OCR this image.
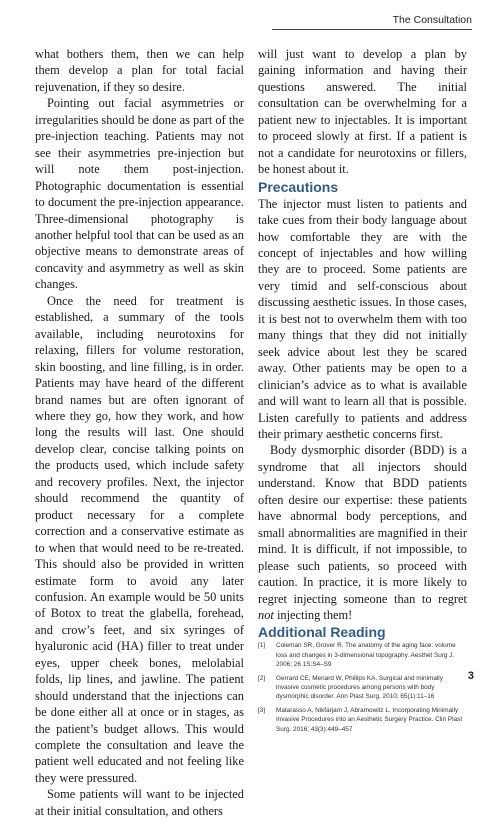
The Consultation

what bothers them, then we can help them develop a plan for total facial rejuvenation, if they so desire.

Pointing out facial asymmetries or irregularities should be done as part of the pre-injection teaching. Patients may not see their asymmetries pre-injection but will note them post-injection. Photographic documentation is essential to document the pre-injection appearance. Three-dimensional photography is another helpful tool that can be used as an objective means to demonstrate areas of concavity and asymmetry as well as skin changes.

Once the need for treatment is established, a summary of the tools available, including neurotoxins for relaxing, fillers for volume restoration, skin boosting, and line filling, is in order. Patients may have heard of the different brand names but are often ignorant of where they go, how they work, and how long the results will last. One should develop clear, concise talking points on the products used, which include safety and recovery profiles. Next, the injector should recommend the quantity of product necessary for a complete correction and a conservative estimate as to when that would need to be re-treated. This should also be provided in written estimate form to avoid any later confusion. An example would be 50 units of Botox to treat the glabella, forehead, and crow’s feet, and six syringes of hyaluronic acid (HA) filler to treat under eyes, upper cheek bones, melolabial folds, lip lines, and jawline. The patient should understand that the injections can be done either all at once or in stages, as the patient’s budget allows. This would complete the consultation and leave the patient well educated and not feeling like they were pressured.

Some patients will want to be injected at their initial consultation, and others

will just want to develop a plan by gaining information and having their questions answered. The initial consultation can be overwhelming for a patient new to injectables. It is important to proceed slowly at first. If a patient is not a candidate for neurotoxins or fillers, be honest about it.

Precautions

The injector must listen to patients and take cues from their body language about how comfortable they are with the concept of injectables and how willing they are to proceed. Some patients are very timid and self-conscious about discussing aesthetic issues. In those cases, it is best not to overwhelm them with too many things that they did not initially seek advice about lest they be scared away. Other patients may be open to a clinician’s advice as to what is available and will want to learn all that is possible. Listen carefully to patients and address their primary aesthetic concerns first.

Body dysmorphic disorder (BDD) is a syndrome that all injectors should understand. Know that BDD patients often desire our expertise: these patients have abnormal body perceptions, and small abnormalities are magnified in their mind. It is difficult, if not impossible, to please such patients, so proceed with caution. In practice, it is more likely to regret injecting someone than to regret not injecting them!

Additional Reading
[1] Coleman SR, Grover R. The anatomy of the aging face: volume loss and changes in 3-dimensional topography. Aesthet Surg J. 2006; 26 1S:S4–S9
[2] Gerrard CE, Menard W, Phillips KA. Surgical and minimally invasive cosmetic procedures among persons with body dysmorphic disorder. Ann Plast Surg. 2010; 65(1):11–16
[3] Matarasso A, Nikfarjam J, Abramowitz L. Incorporating Minimally Invasive Procedures into an Aesthetic Surgery Practice. Clin Plast Surg. 2016; 43(3):449–457
3
